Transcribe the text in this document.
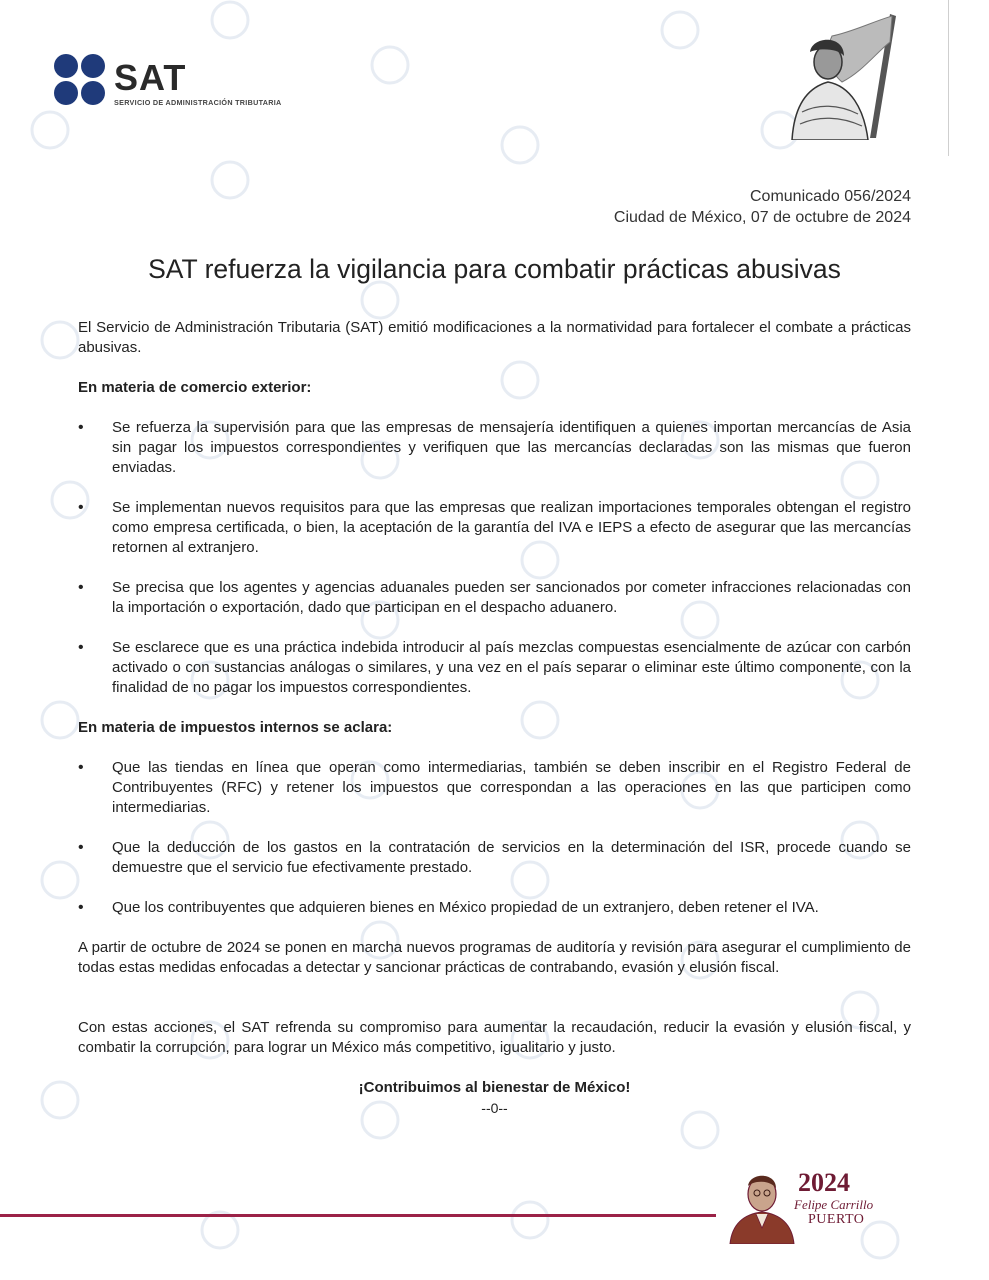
SAT
SERVICIO DE ADMINISTRACIÓN TRIBUTARIA
Comunicado 056/2024
Ciudad de México, 07 de octubre de 2024
SAT refuerza la vigilancia para combatir prácticas abusivas

El Servicio de Administración Tributaria (SAT) emitió modificaciones a la normatividad para fortalecer el combate a prácticas abusivas.

En materia de comercio exterior:

•	Se refuerza la supervisión para que las empresas de mensajería identifiquen a quienes importan mercancías de Asia sin pagar los impuestos correspondientes y verifiquen que las mercancías declaradas son las mismas que fueron enviadas.
•	Se implementan nuevos requisitos para que las empresas que realizan importaciones temporales obtengan el registro como empresa certificada, o bien, la aceptación de la garantía del IVA e IEPS a efecto de asegurar que las mercancías retornen al extranjero.
•	Se precisa que los agentes y agencias aduanales pueden ser sancionados por cometer infracciones relacionadas con la importación o exportación, dado que participan en el despacho aduanero.
•	Se esclarece que es una práctica indebida introducir al país mezclas compuestas esencialmente de azúcar con carbón activado o con sustancias análogas o similares, y una vez en el país separar o eliminar este último componente, con la finalidad de no pagar los impuestos correspondientes.

En materia de impuestos internos se aclara:

•	Que las tiendas en línea que operan como intermediarias, también se deben inscribir en el Registro Federal de Contribuyentes (RFC) y retener los impuestos que correspondan a las operaciones en las que participen como intermediarias.
•	Que la deducción de los gastos en la contratación de servicios en la determinación del ISR, procede cuando se demuestre que el servicio fue efectivamente prestado.
•	Que los contribuyentes que adquieren bienes en México propiedad de un extranjero, deben retener el IVA.

A partir de octubre de 2024 se ponen en marcha nuevos programas de auditoría y revisión para asegurar el cumplimiento de todas estas medidas enfocadas a detectar y sancionar prácticas de contrabando, evasión y elusión fiscal.

Con estas acciones, el SAT refrenda su compromiso para aumentar la recaudación, reducir la evasión y elusión fiscal, y combatir la corrupción, para lograr un México más competitivo, igualitario y justo.

¡Contribuimos al bienestar de México!
--0--
2024
Felipe Carrillo
PUERTO
大数跨境
